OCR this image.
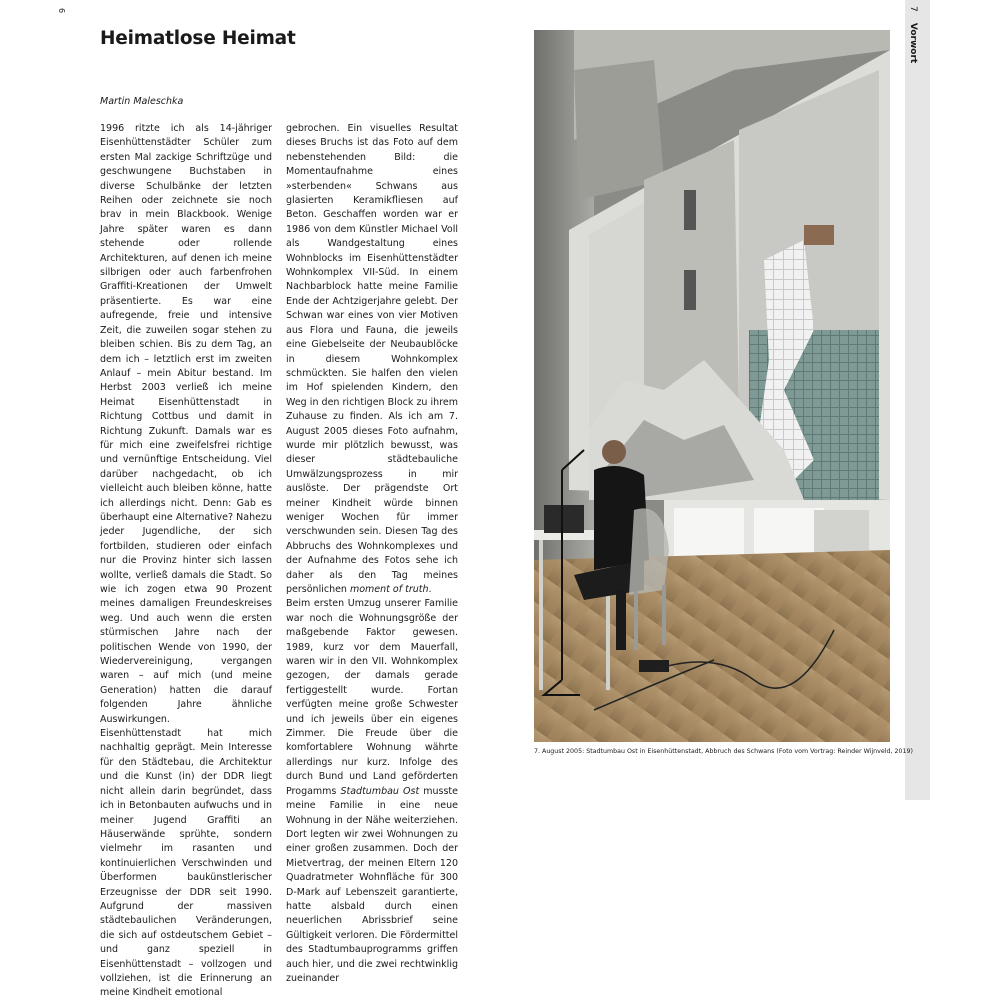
6	7 Vorwort
Heimatlose Heimat
Martin Maleschka

1996 ritzte ich als 14-jähriger Eisenhüttenstädter Schüler zum ersten Mal zackige Schriftzüge und geschwungene Buchstaben in diverse Schulbänke der letzten Reihen oder zeichnete sie noch brav in mein Blackbook. Wenige Jahre später waren es dann stehende oder rollende Architekturen, auf denen ich meine silbrigen oder auch farbenfrohen Graffiti-Kreationen der Umwelt präsentierte. Es war eine aufregende, freie und intensive Zeit, die zuweilen sogar stehen zu bleiben schien. Bis zu dem Tag, an dem ich – letztlich erst im zweiten Anlauf – mein Abitur bestand. Im Herbst 2003 verließ ich meine Heimat Eisenhüttenstadt in Richtung Cottbus und damit in Richtung Zukunft. Damals war es für mich eine zweifelsfrei richtige und vernünftige Entscheidung. Viel darüber nachgedacht, ob ich vielleicht auch bleiben könne, hatte ich allerdings nicht. Denn: Gab es überhaupt eine Alternative? Nahezu jeder Jugendliche, der sich fortbilden, studieren oder einfach nur die Provinz hinter sich lassen wollte, verließ damals die Stadt. So wie ich zogen etwa 90 Prozent meines damaligen Freundeskreises weg. Und auch wenn die ersten stürmischen Jahre nach der politischen Wende von 1990, der Wiedervereinigung, vergangen waren – auf mich (und meine Generation) hatten die darauf folgenden Jahre ähnliche Auswirkungen.

Eisenhüttenstadt hat mich nachhaltig geprägt. Mein Interesse für den Städtebau, die Architektur und die Kunst (in) der DDR liegt nicht allein darin begründet, dass ich in Betonbauten aufwuchs und in meiner Jugend Graffiti an Häuserwände sprühte, sondern vielmehr im rasanten und kontinuierlichen Verschwinden und Überformen baukünstlerischer Erzeugnisse der DDR seit 1990. Aufgrund der massiven städtebaulichen Veränderungen, die sich auf ostdeutschem Gebiet – und ganz speziell in Eisenhüttenstadt – vollzogen und vollziehen, ist die Erinnerung an meine Kindheit emotional

gebrochen. Ein visuelles Resultat dieses Bruchs ist das Foto auf dem nebenstehenden Bild: die Momentaufnahme eines »sterbenden« Schwans aus glasierten Keramikfliesen auf Beton. Geschaffen worden war er 1986 von dem Künstler Michael Voll als Wandgestaltung eines Wohnblocks im Eisenhüttenstädter Wohnkomplex VII-Süd. In einem Nachbarblock hatte meine Familie Ende der Achtzigerjahre gelebt. Der Schwan war eines von vier Motiven aus Flora und Fauna, die jeweils eine Giebelseite der Neubaublöcke in diesem Wohnkomplex schmückten. Sie halfen den vielen im Hof spielenden Kindern, den Weg in den richtigen Block zu ihrem Zuhause zu finden. Als ich am 7. August 2005 dieses Foto aufnahm, wurde mir plötzlich bewusst, was dieser städtebauliche Umwälzungsprozess in mir auslöste. Der prägendste Ort meiner Kindheit würde binnen weniger Wochen für immer verschwunden sein. Diesen Tag des Abbruchs des Wohnkomplexes und der Aufnahme des Fotos sehe ich daher als den Tag meines persönlichen moment of truth.

Beim ersten Umzug unserer Familie war noch die Wohnungsgröße der maßgebende Faktor gewesen. 1989, kurz vor dem Mauerfall, waren wir in den VII. Wohnkomplex gezogen, der damals gerade fertiggestellt wurde. Fortan verfügten meine große Schwester und ich jeweils über ein eigenes Zimmer. Die Freude über die komfortablere Wohnung währte allerdings nur kurz. Infolge des durch Bund und Land geförderten Progamms Stadtumbau Ost musste meine Familie in eine neue Wohnung in der Nähe weiterziehen. Dort legten wir zwei Wohnungen zu einer großen zusammen. Doch der Mietvertrag, der meinen Eltern 120 Quadratmeter Wohnfläche für 300 D-Mark auf Lebenszeit garantierte, hatte alsbald durch einen neuerlichen Abrissbrief seine Gültigkeit verloren. Die Fördermittel des Stadtumbauprogramms griffen auch hier, und die zwei rechtwinklig zueinander

7. August 2005: Stadtumbau Ost in Eisenhüttenstadt, Abbruch des Schwans (Foto vom Vortrag: Reinder Wijnveld, 2019)
